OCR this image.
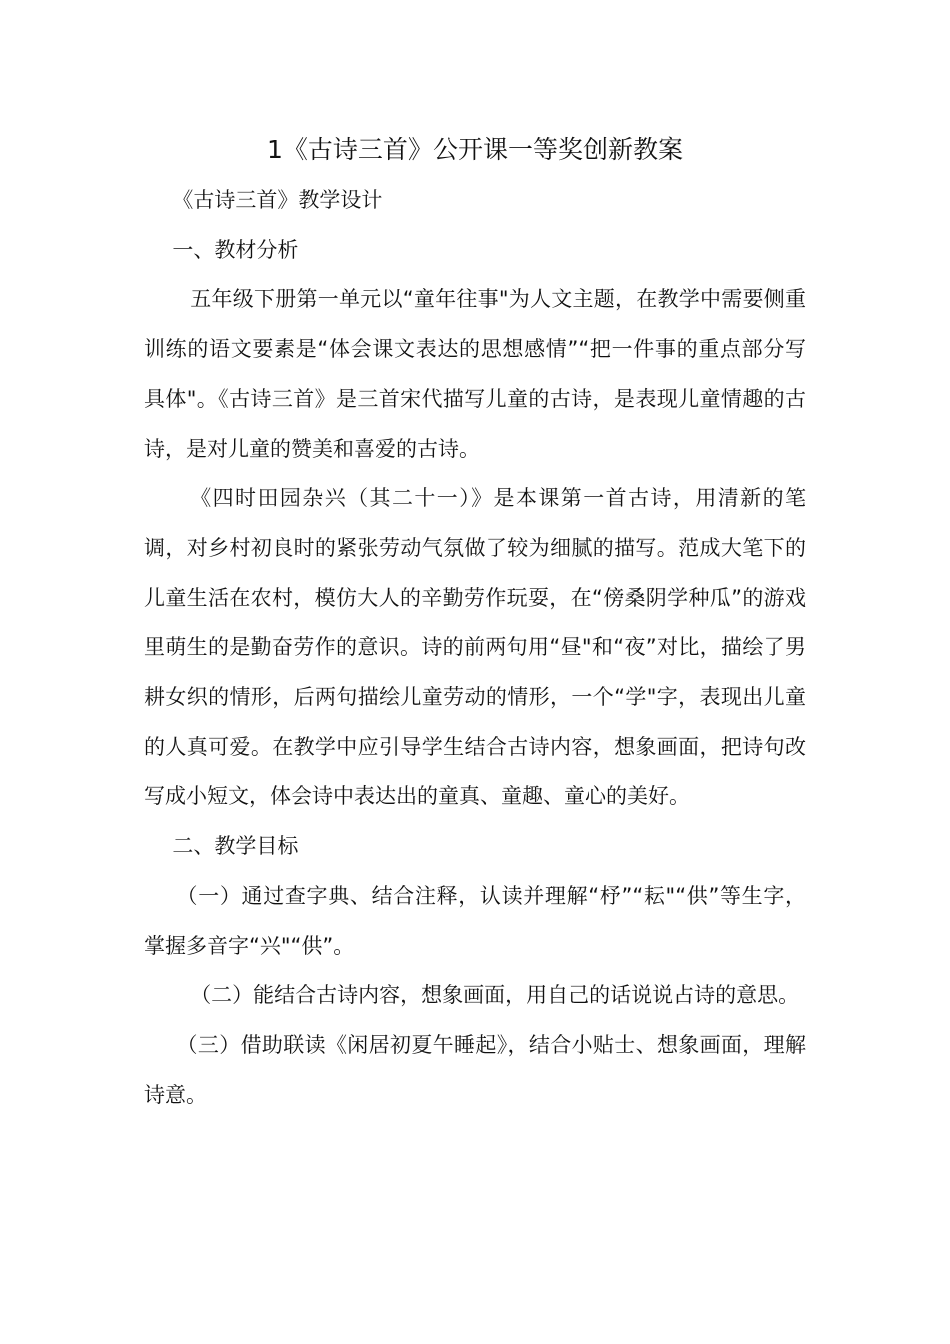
1《古诗三首》公开课一等奖创新教案

《古诗三首》教学设计

一、教材分析

五年级下册第一单元以“童年往事"为人文主题，在教学中需要侧重训练的语文要素是“体会课文表达的思想感情”“把一件事的重点部分写具体"。《古诗三首》是三首宋代描写儿童的古诗，是表现儿童情趣的古诗，是对儿童的赞美和喜爱的古诗。

《四时田园杂兴（其二十一）》是本课第一首古诗，用清新的笔调，对乡村初良时的紧张劳动气氛做了较为细腻的描写。范成大笔下的儿童生活在农村，模仿大人的辛勤劳作玩耍，在“傍桑阴学种瓜”的游戏里萌生的是勤奋劳作的意识。诗的前两句用“昼"和“夜”对比，描绘了男耕女织的情形，后两句描绘儿童劳动的情形，一个“学"字，表现出儿童的人真可爱。在教学中应引导学生结合古诗内容，想象画面，把诗句改写成小短文，体会诗中表达出的童真、童趣、童心的美好。

二、教学目标

（一）通过查字典、结合注释，认读并理解“杼”“耘"“供”等生字，掌握多音字“兴"“供”。

（二）能结合古诗内容，想象画面，用自己的话说说占诗的意思。

（三）借助联读《闲居初夏午睡起》，结合小贴士、想象画面，理解诗意。
